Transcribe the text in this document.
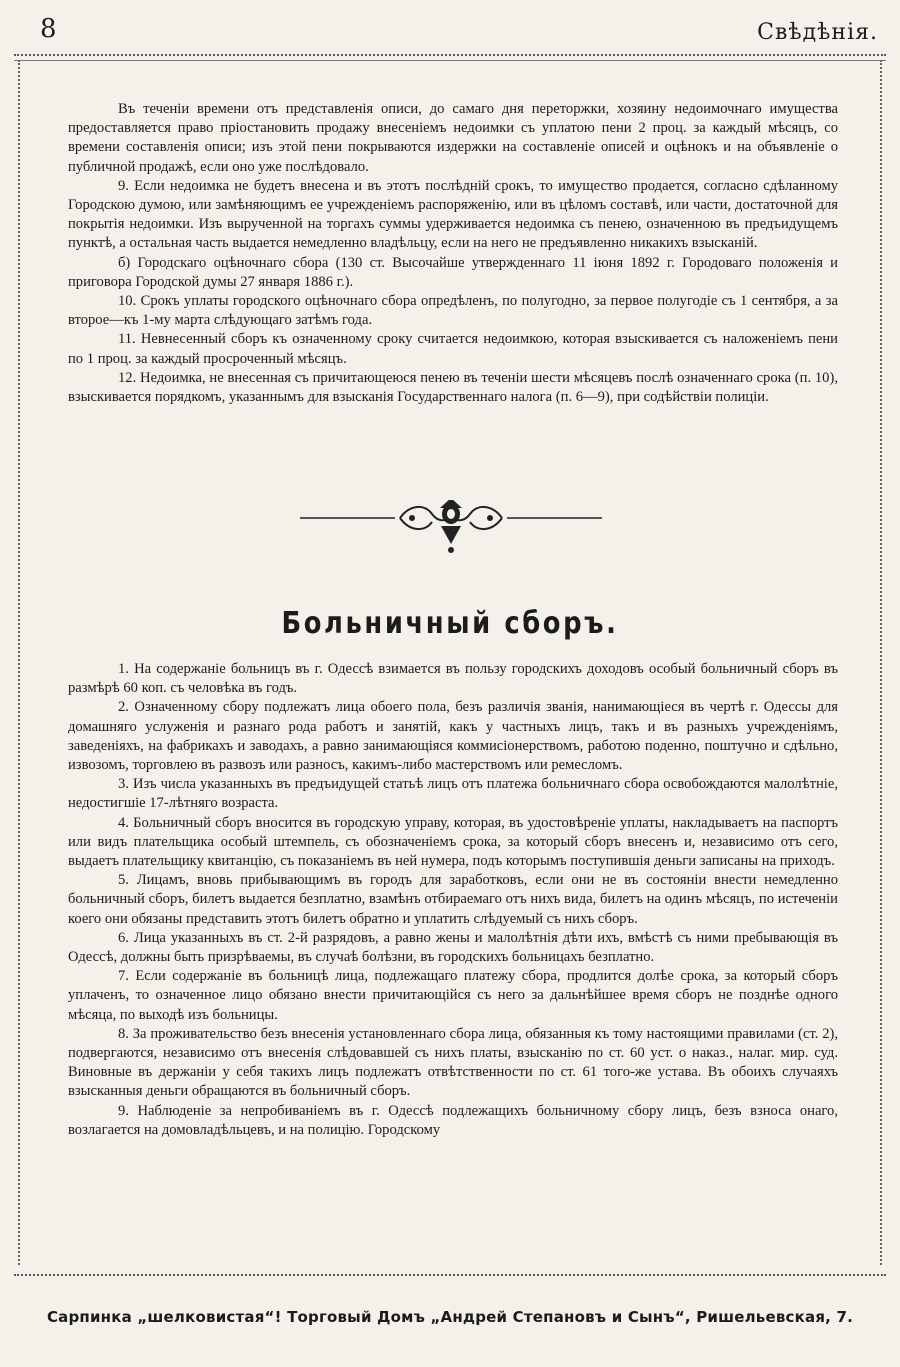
8	Свѣдѣнія.

Въ теченіи времени отъ представленія описи, до самаго дня переторжки, хозяину недоимочнаго имущества предоставляется право пріостановить продажу внесеніемъ недоимки съ уплатою пени 2 проц. за каждый мѣсяцъ, со времени составленія описи; изъ этой пени покрываются издержки на составленіе описей и оцѣнокъ и на объявленіе о публичной продажѣ, если оно уже послѣдовало.

9. Если недоимка не будетъ внесена и въ этотъ послѣдній срокъ, то имущество продается, согласно сдѣланному Городскою думою, или замѣняющимъ ее учрежденіемъ распоряженію, или въ цѣломъ составѣ, или части, достаточной для покрытія недоимки. Изъ вырученной на торгахъ суммы удерживается недоимка съ пенею, означенною въ предъидущемъ пунктѣ, а остальная часть выдается немедленно владѣльцу, если на него не предъявленно никакихъ взысканій.

б) Городскаго оцѣночнаго сбора (130 ст. Высочайше утвержденнаго 11 іюня 1892 г. Городоваго положенія и приговора Городской думы 27 января 1886 г.).

10. Срокъ уплаты городского оцѣночнаго сбора опредѣленъ, по полугодно, за первое полугодіе съ 1 сентября, а за второе—къ 1-му марта слѣдующаго затѣмъ года.

11. Невнесенный сборъ къ означенному сроку считается недоимкою, которая взыскивается съ наложеніемъ пени по 1 проц. за каждый просроченный мѣсяцъ.

12. Недоимка, не внесенная съ причитающеюся пенею въ теченіи шести мѣсяцевъ послѣ означеннаго срока (п. 10), взыскивается порядкомъ, указаннымъ для взысканія Государственнаго налога (п. 6—9), при содѣйствіи полиціи.

Больничный сборъ.

1. На содержаніе больницъ въ г. Одессѣ взимается въ пользу городскихъ доходовъ особый больничный сборъ въ размѣрѣ 60 коп. съ человѣка въ годъ.

2. Означенному сбору подлежатъ лица обоего пола, безъ различія званія, нанимающіеся въ чертѣ г. Одессы для домашняго услуженія и разнаго рода работъ и занятій, какъ у частныхъ лицъ, такъ и въ разныхъ учрежденіямъ, заведеніяхъ, на фабрикахъ и заводахъ, а равно занимающіяся коммисіонерствомъ, работою поденно, поштучно и сдѣльно, извозомъ, торговлею въ развозъ или разносъ, какимъ-либо мастерствомъ или ремесломъ.

3. Изъ числа указанныхъ въ предъидущей статьѣ лицъ отъ платежа больничнаго сбора освобождаются малолѣтніе, недостигшіе 17-лѣтняго возраста.

4. Больничный сборъ вносится въ городскую управу, которая, въ удостовѣреніе уплаты, накладываетъ на паспортъ или видъ плательщика особый штемпель, съ обозначеніемъ срока, за который сборъ внесенъ и, независимо отъ сего, выдаетъ плательщику квитанцію, съ показаніемъ въ ней нумера, подъ которымъ поступившія деньги записаны на приходъ.

5. Лицамъ, вновь прибывающимъ въ городъ для заработковъ, если они не въ состояніи внести немедленно больничный сборъ, билетъ выдается безплатно, взамѣнъ отбираемаго отъ нихъ вида, билетъ на одинъ мѣсяцъ, по истеченіи коего они обязаны представить этотъ билетъ обратно и уплатить слѣдуемый съ нихъ сборъ.

6. Лица указанныхъ въ ст. 2-й разрядовъ, а равно жены и малолѣтнія дѣти ихъ, вмѣстѣ съ ними пребывающія въ Одессѣ, должны быть призрѣваемы, въ случаѣ болѣзни, въ городскихъ больницахъ безплатно.

7. Если содержаніе въ больницѣ лица, подлежащаго платежу сбора, продлится долѣе срока, за который сборъ уплаченъ, то означенное лицо обязано внести причитающійся съ него за дальнѣйшее время сборъ не позднѣе одного мѣсяца, по выходѣ изъ больницы.

8. За проживательство безъ внесенія установленнаго сбора лица, обязанныя къ тому настоящими правилами (ст. 2), подвергаются, независимо отъ внесенія слѣдовавшей съ нихъ платы, взысканію по ст. 60 уст. о наказ., налаг. мир. суд. Виновные въ держаніи у себя такихъ лицъ подлежатъ отвѣтственности по ст. 61 того-же устава. Въ обоихъ случаяхъ взысканныя деньги обращаются въ больничный сборъ.

9. Наблюденіе за непробиваніемъ въ г. Одессѣ подлежащихъ больничному сбору лицъ, безъ взноса онаго, возлагается на домовладѣльцевъ, и на полицію. Городскому

Сарпинка „шелковистая“! Торговый Домъ „Андрей Степановъ и Сынъ“, Ришельевская, 7.
